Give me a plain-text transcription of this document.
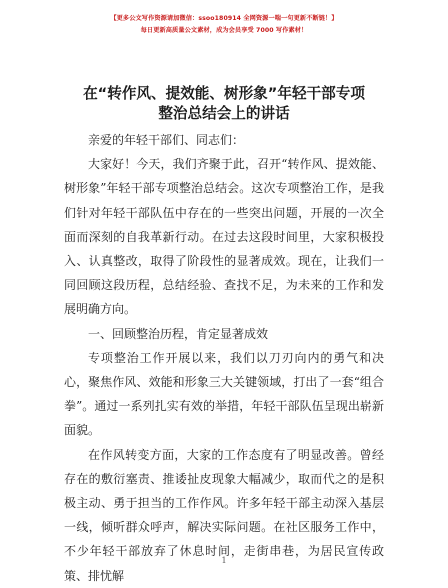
【更多公文写作资源请加微信：ssoo180914 全网资源一喘一句更新不断链！】
每日更新高质量公文素材，成为会员享受 7000 写作素材！
在“转作风、提效能、树形象”年轻干部专项
整治总结会上的讲话

亲爱的年轻干部们、同志们：

大家好！今天，我们齐聚于此，召开“转作风、提效能、树形象”年轻干部专项整治总结会。这次专项整治工作，是我们针对年轻干部队伍中存在的一些突出问题，开展的一次全面而深刻的自我革新行动。在过去这段时间里，大家积极投入、认真整改，取得了阶段性的显著成效。现在，让我们一同回顾这段历程，总结经验、查找不足，为未来的工作和发展明确方向。

一、回顾整治历程，肯定显著成效

专项整治工作开展以来，我们以刀刃向内的勇气和决心，聚焦作风、效能和形象三大关键领域，打出了一套“组合拳”。通过一系列扎实有效的举措，年轻干部队伍呈现出崭新面貌。

在作风转变方面，大家的工作态度有了明显改善。曾经存在的敷衍塞责、推诿扯皮现象大幅减少，取而代之的是积极主动、勇于担当的工作作风。许多年轻干部主动深入基层一线，倾听群众呼声，解决实际问题。在社区服务工作中，不少年轻干部放弃了休息时间，走街串巷，为居民宣传政策、排忧解

1
